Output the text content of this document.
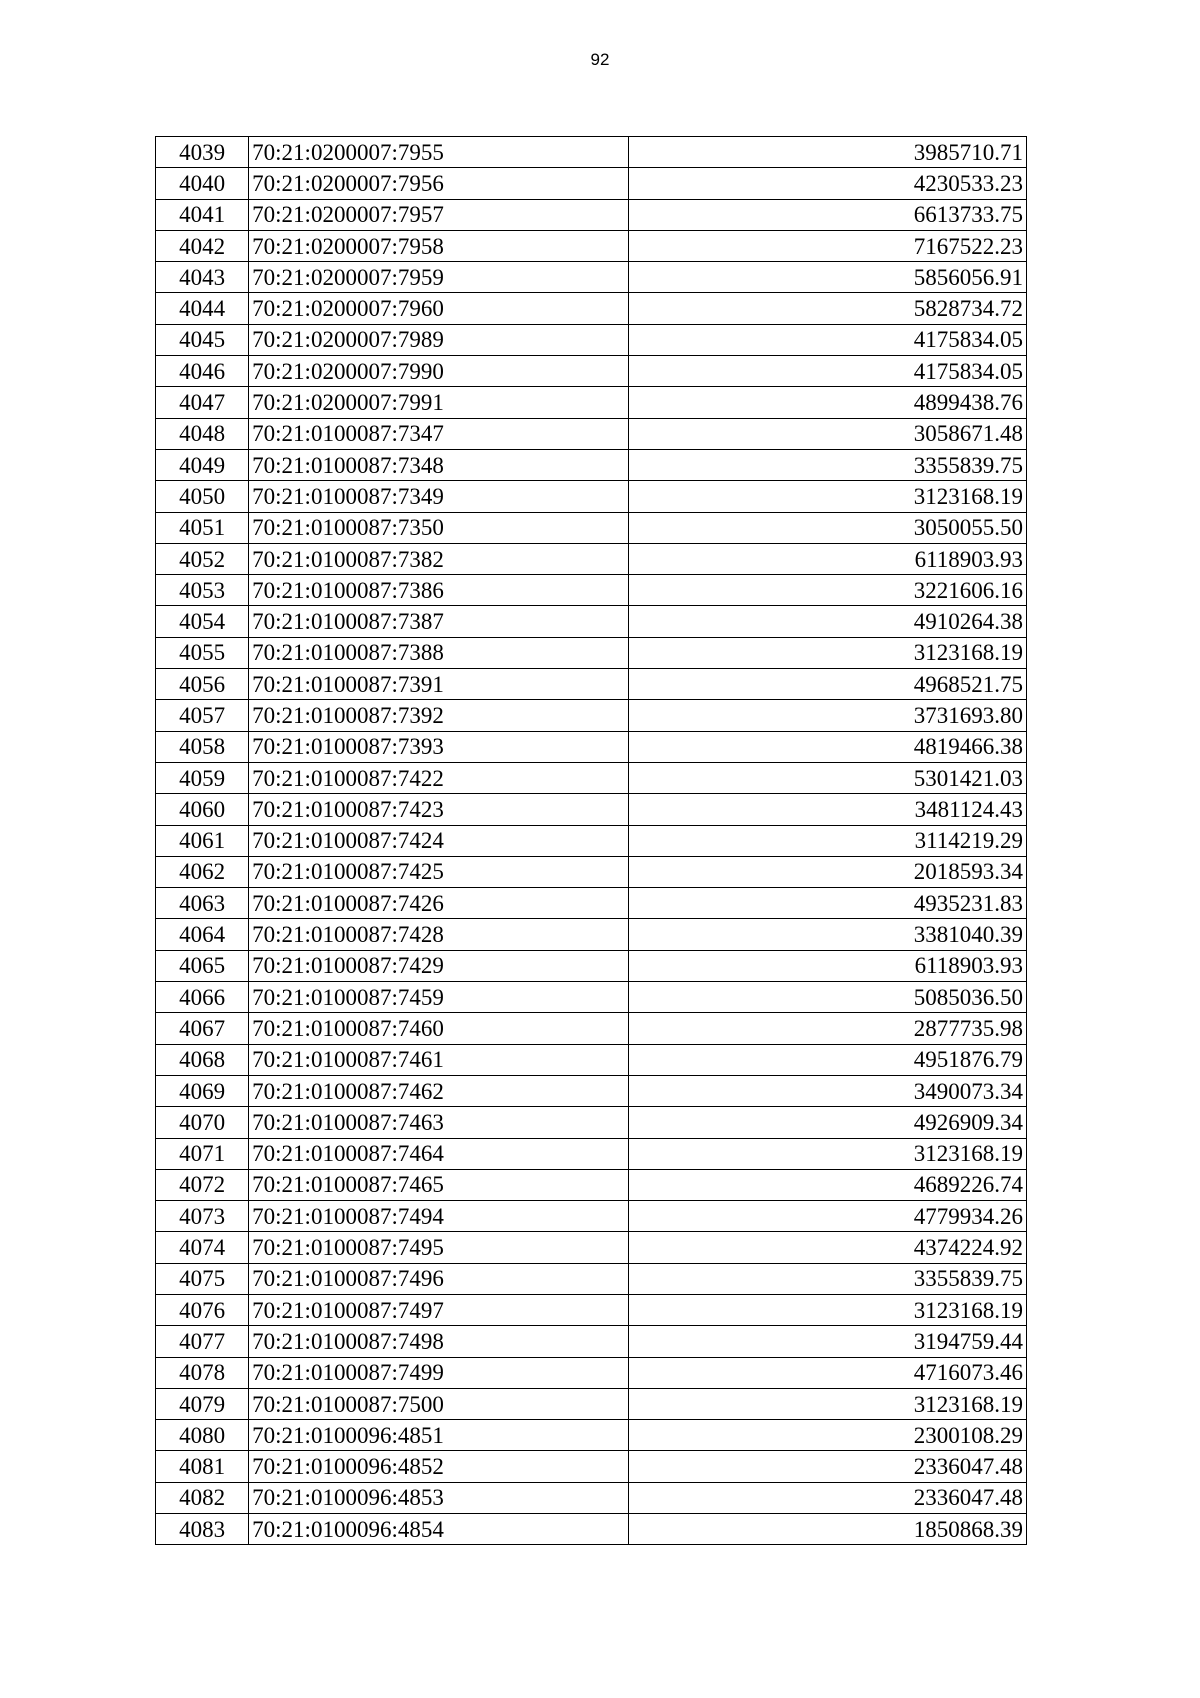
92
4039	70:21:0200007:7955	3985710.71
4040	70:21:0200007:7956	4230533.23
4041	70:21:0200007:7957	6613733.75
4042	70:21:0200007:7958	7167522.23
4043	70:21:0200007:7959	5856056.91
4044	70:21:0200007:7960	5828734.72
4045	70:21:0200007:7989	4175834.05
4046	70:21:0200007:7990	4175834.05
4047	70:21:0200007:7991	4899438.76
4048	70:21:0100087:7347	3058671.48
4049	70:21:0100087:7348	3355839.75
4050	70:21:0100087:7349	3123168.19
4051	70:21:0100087:7350	3050055.50
4052	70:21:0100087:7382	6118903.93
4053	70:21:0100087:7386	3221606.16
4054	70:21:0100087:7387	4910264.38
4055	70:21:0100087:7388	3123168.19
4056	70:21:0100087:7391	4968521.75
4057	70:21:0100087:7392	3731693.80
4058	70:21:0100087:7393	4819466.38
4059	70:21:0100087:7422	5301421.03
4060	70:21:0100087:7423	3481124.43
4061	70:21:0100087:7424	3114219.29
4062	70:21:0100087:7425	2018593.34
4063	70:21:0100087:7426	4935231.83
4064	70:21:0100087:7428	3381040.39
4065	70:21:0100087:7429	6118903.93
4066	70:21:0100087:7459	5085036.50
4067	70:21:0100087:7460	2877735.98
4068	70:21:0100087:7461	4951876.79
4069	70:21:0100087:7462	3490073.34
4070	70:21:0100087:7463	4926909.34
4071	70:21:0100087:7464	3123168.19
4072	70:21:0100087:7465	4689226.74
4073	70:21:0100087:7494	4779934.26
4074	70:21:0100087:7495	4374224.92
4075	70:21:0100087:7496	3355839.75
4076	70:21:0100087:7497	3123168.19
4077	70:21:0100087:7498	3194759.44
4078	70:21:0100087:7499	4716073.46
4079	70:21:0100087:7500	3123168.19
4080	70:21:0100096:4851	2300108.29
4081	70:21:0100096:4852	2336047.48
4082	70:21:0100096:4853	2336047.48
4083	70:21:0100096:4854	1850868.39
